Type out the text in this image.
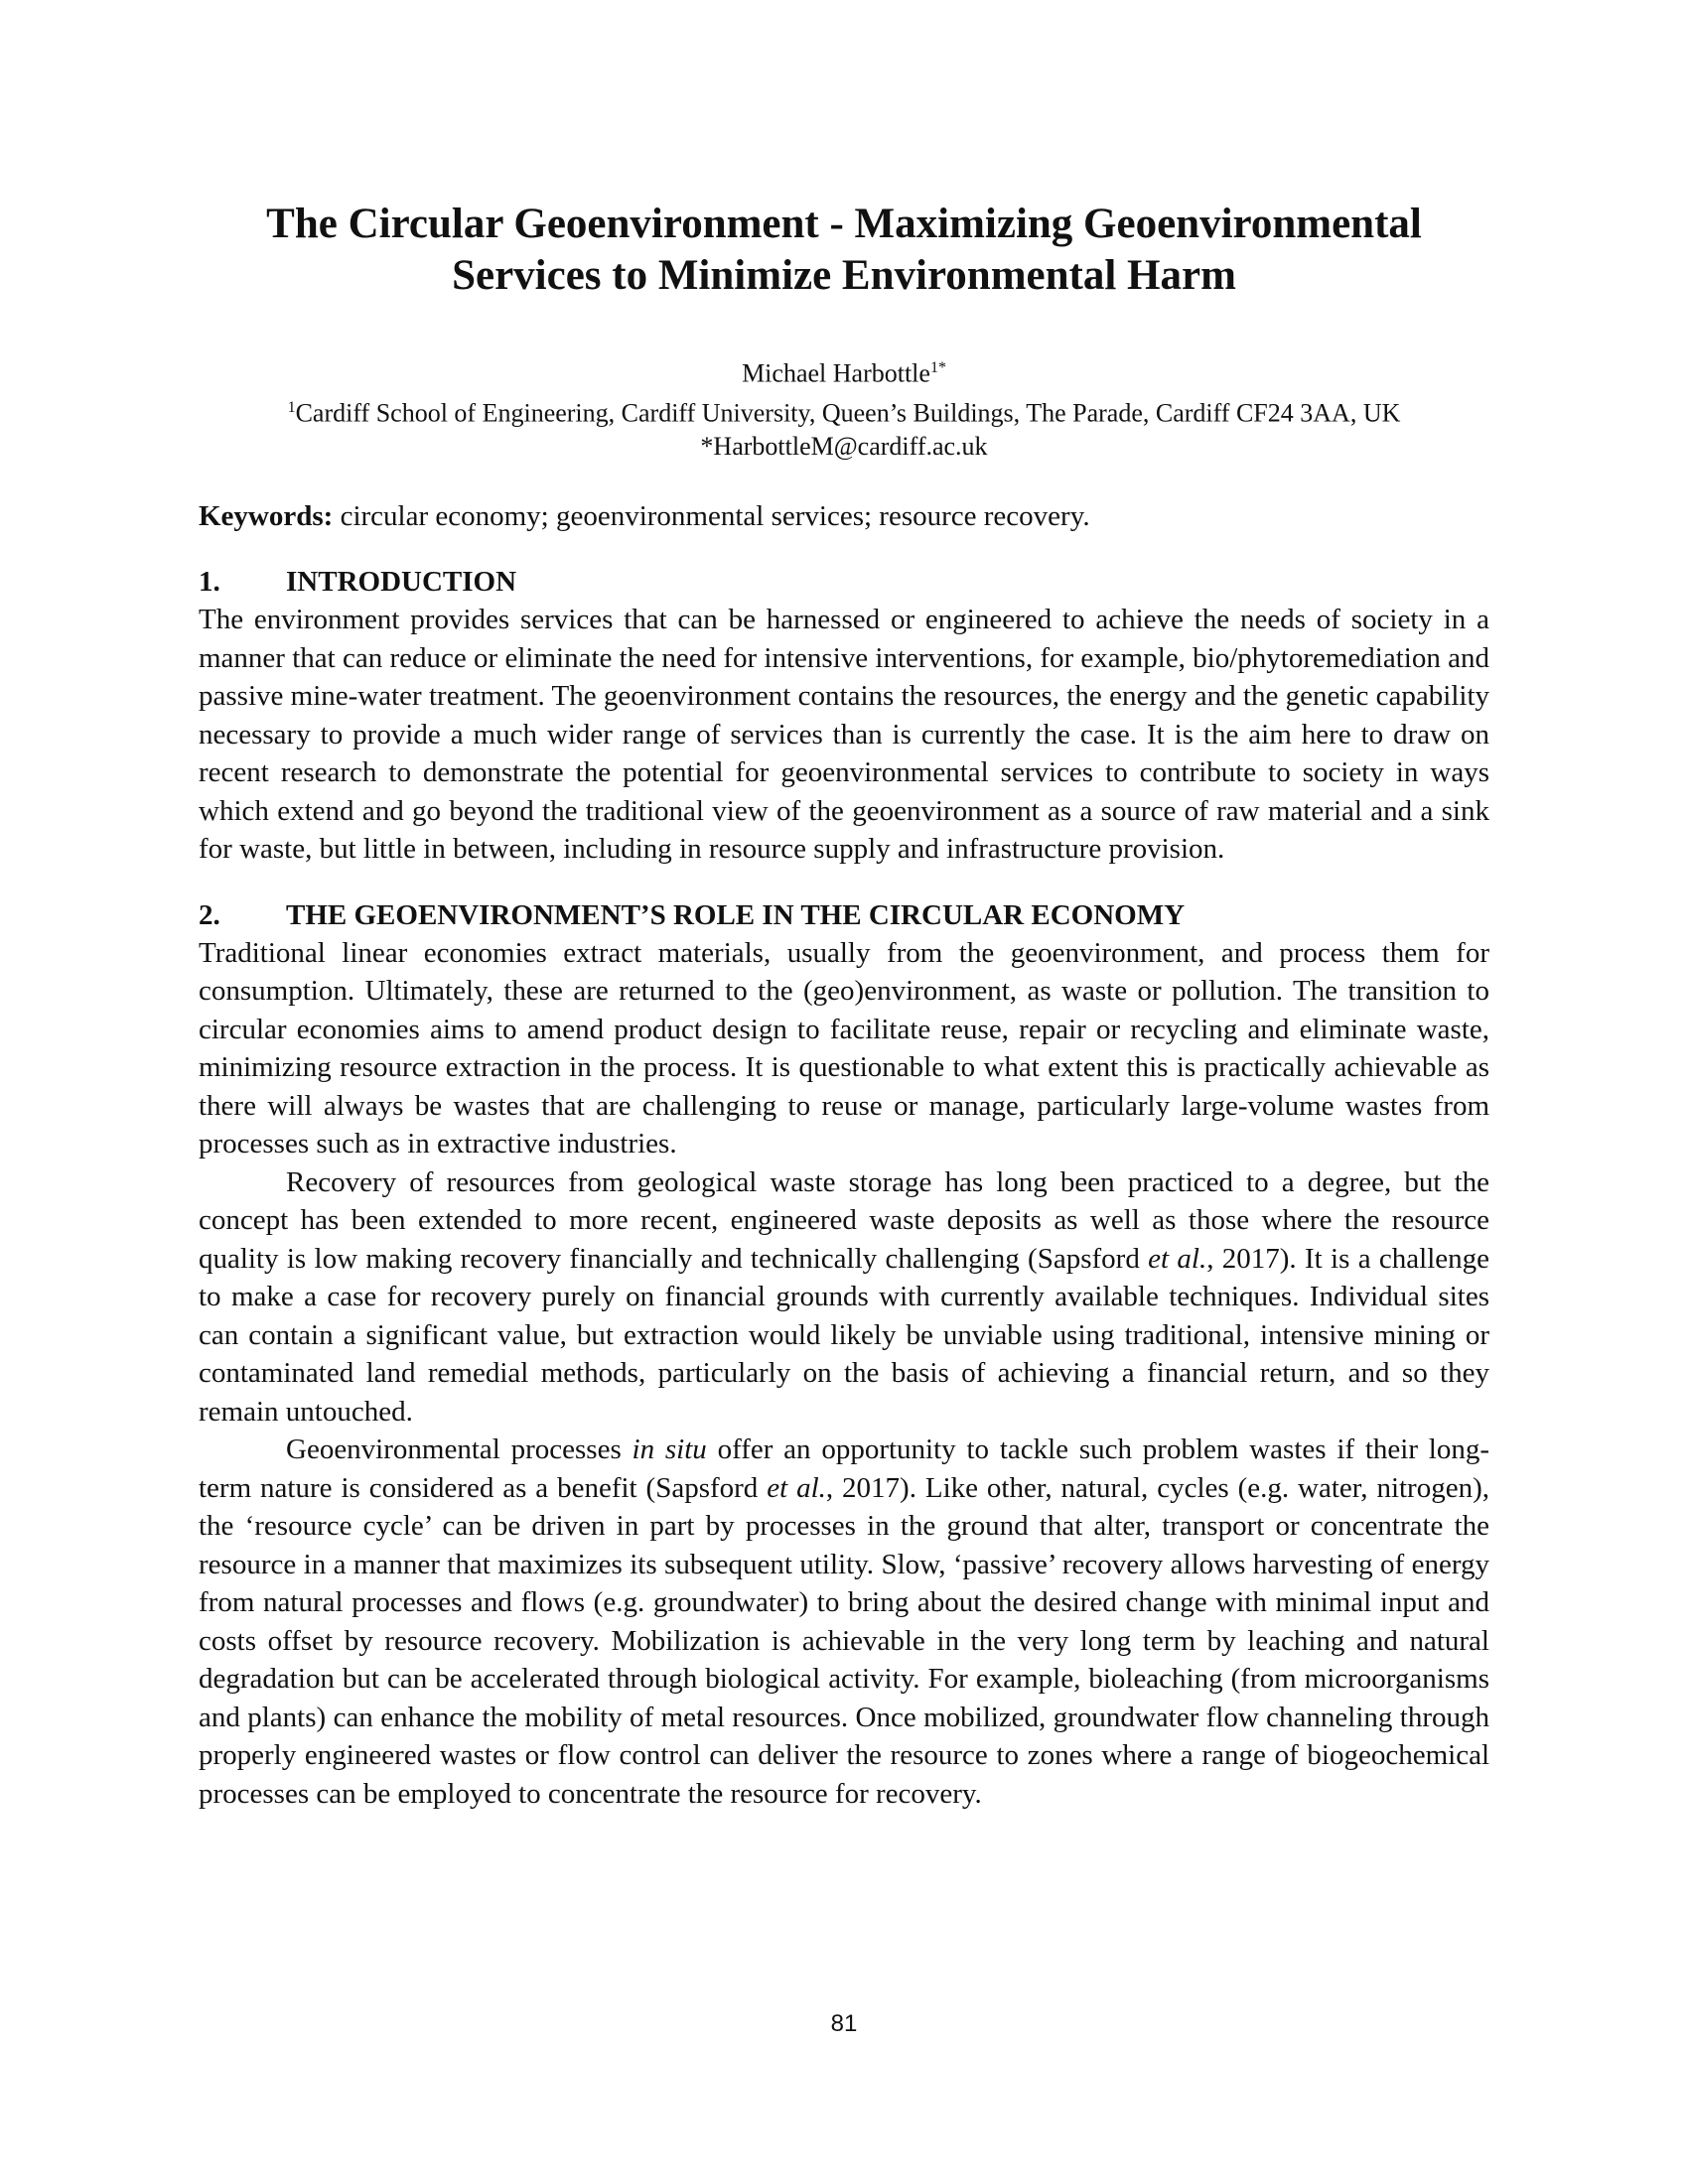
The Circular Geoenvironment - Maximizing Geoenvironmental
Services to Minimize Environmental Harm
Michael Harbottle$^{1*}$
$^1$Cardiff School of Engineering, Cardiff University, Queen’s Buildings, The Parade, Cardiff CF24 3AA, UK
*HarbottleM@cardiff.ac.uk
Keywords: circular economy; geoenvironmental services; resource recovery.
1.	INTRODUCTION

The environment provides services that can be harnessed or engineered to achieve the needs of society in a manner that can reduce or eliminate the need for intensive interventions, for example, bio/phytoremediation and passive mine-water treatment. The geoenvironment contains the resources, the energy and the genetic capability necessary to provide a much wider range of services than is currently the case. It is the aim here to draw on recent research to demonstrate the potential for geoenvironmental services to contribute to society in ways which extend and go beyond the traditional view of the geoenvironment as a source of raw material and a sink for waste, but little in between, including in resource supply and infrastructure provision.

2.	THE GEOENVIRONMENT’S ROLE IN THE CIRCULAR ECONOMY

Traditional linear economies extract materials, usually from the geoenvironment, and process them for consumption. Ultimately, these are returned to the (geo)environment, as waste or pollution. The transition to circular economies aims to amend product design to facilitate reuse, repair or recycling and eliminate waste, minimizing resource extraction in the process. It is questionable to what extent this is practically achievable as there will always be wastes that are challenging to reuse or manage, particularly large-volume wastes from processes such as in extractive industries.

Recovery of resources from geological waste storage has long been practiced to a degree, but the concept has been extended to more recent, engineered waste deposits as well as those where the resource quality is low making recovery financially and technically challenging (Sapsford et al., 2017). It is a challenge to make a case for recovery purely on financial grounds with currently available techniques. Individual sites can contain a significant value, but extraction would likely be unviable using traditional, intensive mining or contaminated land remedial methods, particularly on the basis of achieving a financial return, and so they remain untouched.

Geoenvironmental processes in situ offer an opportunity to tackle such problem wastes if their long-term nature is considered as a benefit (Sapsford et al., 2017). Like other, natural, cycles (e.g. water, nitrogen), the ‘resource cycle’ can be driven in part by processes in the ground that alter, transport or concentrate the resource in a manner that maximizes its subsequent utility. Slow, ‘passive’ recovery allows harvesting of energy from natural processes and flows (e.g. groundwater) to bring about the desired change with minimal input and costs offset by resource recovery. Mobilization is achievable in the very long term by leaching and natural degradation but can be accelerated through biological activity. For example, bioleaching (from microorganisms and plants) can enhance the mobility of metal resources. Once mobilized, groundwater flow channeling through properly engineered wastes or flow control can deliver the resource to zones where a range of biogeochemical processes can be employed to concentrate the resource for recovery.

81
